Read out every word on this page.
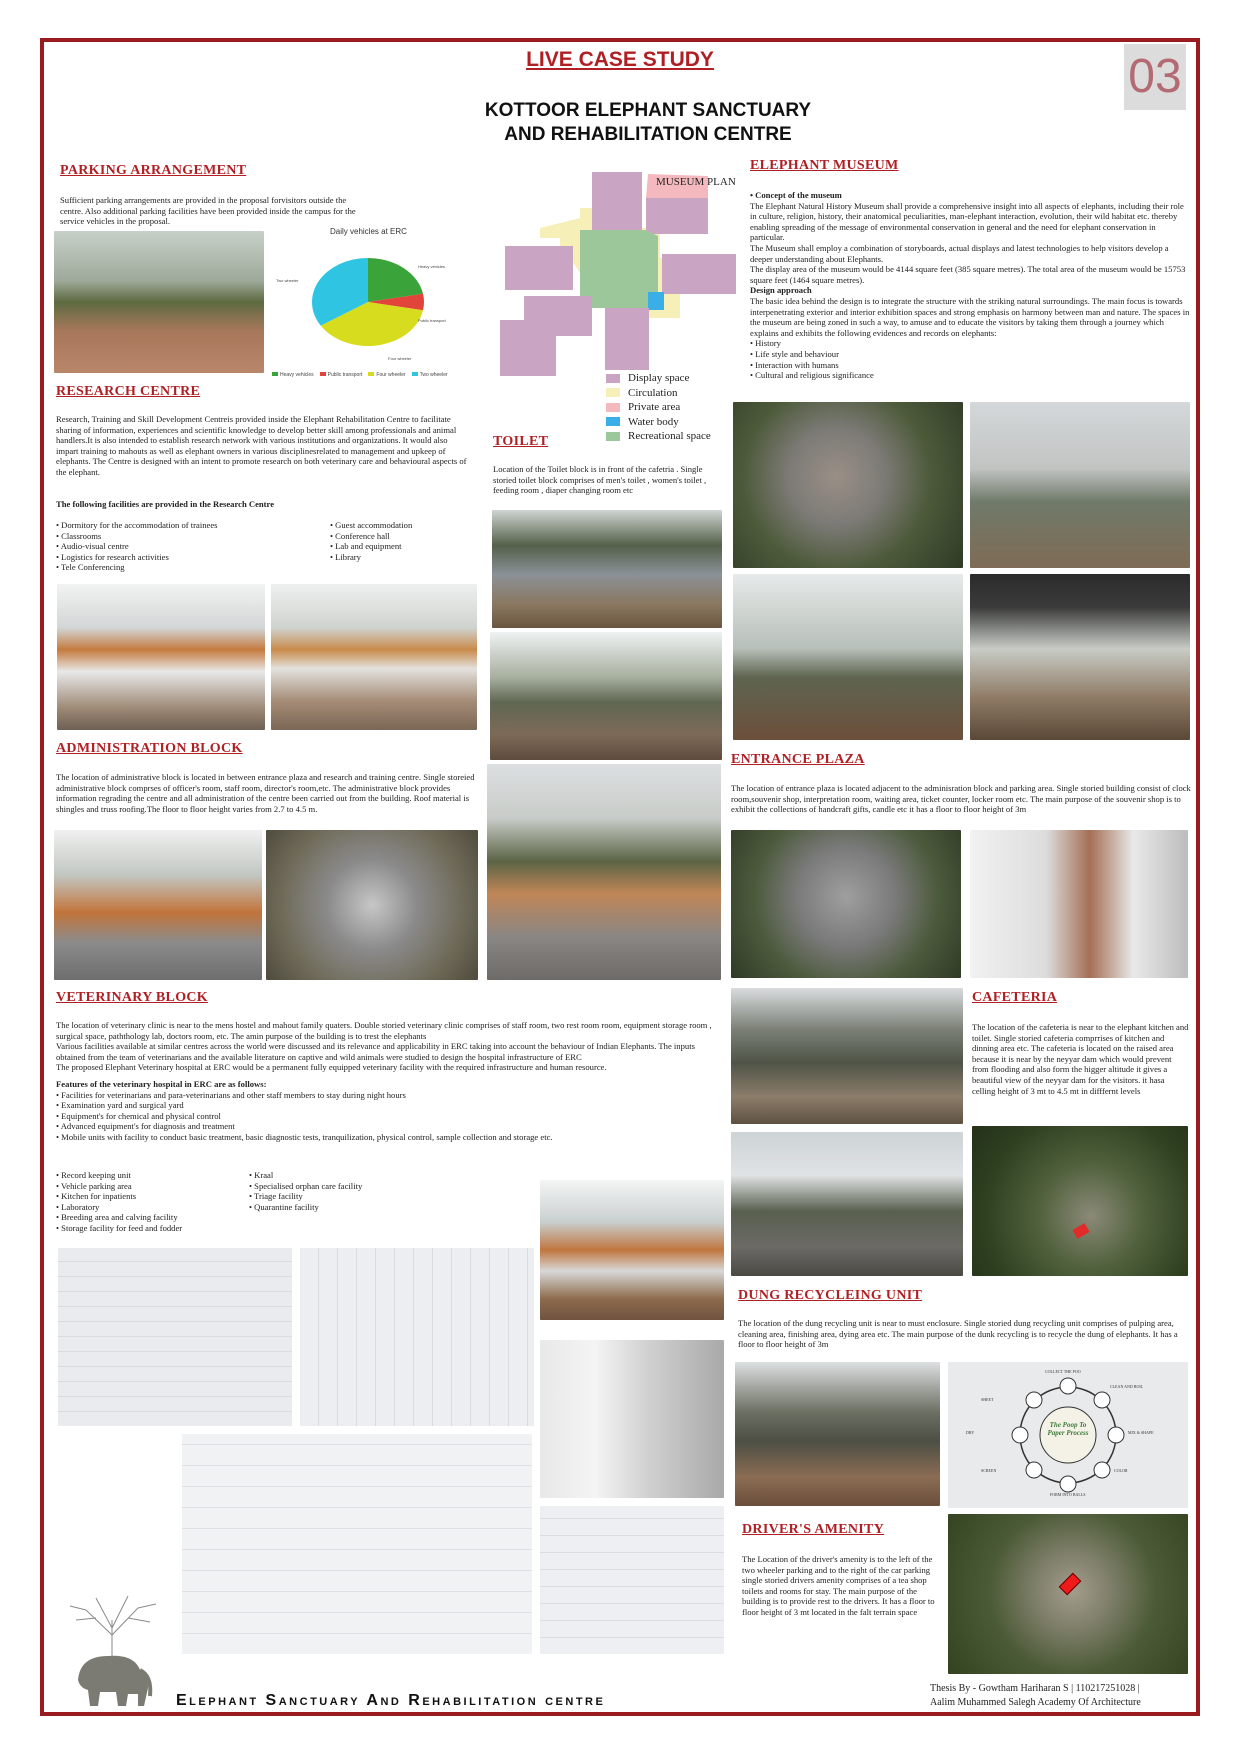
LIVE CASE STUDY	03
KOTTOOR ELEPHANT SANCTUARY
AND REHABILITATION CENTRE
PARKING ARRANGEMENT
Sufficient parking arrangements are provided in the proposal forvisitors outside the centre. Also additional parking facilities have been provided inside the campus for the service vehicles in the proposal.
Daily vehicles at ERC
Heavy vehicles
Public transport
Four wheeler
Two wheeler
Heavy vehicles	Public transport	Four wheeler	Two wheeler
MUSEUM PLAN
ELEPHANT MUSEUM
• Concept of the museum
The Elephant Natural History Museum shall provide a comprehensive insight into all aspects of elephants, including their role in culture, religion, history, their anatomical peculiarities, man-elephant interaction, evolution, their wild habitat etc. thereby enabling spreading of the message of environmental conservation in general and the need for elephant conservation in particular.
The Museum shall employ a combination of storyboards, actual displays and latest technologies to help visitors develop a deeper understanding about Elephants.
The display area of the museum would be 4144 square feet (385 square metres). The total area of the museum would be 15753 square feet (1464 square metres).
Design approach
The basic idea behind the design is to integrate the structure with the striking natural surroundings. The main focus is towards interpenetrating exterior and interior exhibition spaces and strong emphasis on harmony between man and nature. The spaces in the museum are being zoned in such a way, to amuse and to educate the visitors by taking them through a journey which explains and exhibits the following evidences and records on elephants:
• History
• Life style and behaviour
• Interaction with humans
• Cultural and religious significance
RESEARCH CENTRE
Research, Training and Skill Development Centreis provided inside the Elephant Rehabilitation Centre to facilitate sharing of information, experiences and scientific knowledge to develop better skill among professionals and animal handlers.It is also intended to establish research network with various institutions and organizations. It would also impart training to mahouts as well as elephant owners in various disciplinesrelated to management and upkeep of elephants. The Centre is designed with an intent to promote research on both veterinary care and behavioural aspects of the elephant.
The following facilities are provided in the Research Centre
• Dormitory for the accommodation of trainees
• Classrooms
• Audio-visual centre
• Logistics for research activities
• Tele Conferencing
• Guest accommodation
• Conference hall
• Lab and equipment
• Library
TOILET
Location of the Toilet block is in front of the cafetria . Single storied toilet block comprises of men's toilet , women's toilet , feeding room , diaper changing room etc
ADMINISTRATION BLOCK
The location of administrative block is located in between entrance plaza and research and training centre. Single storeied administrative block comprses of officer's room, staff room, director's room,etc. The administrative block provides information regrading the centre and all administration of the centre been carried out from the building. Roof material is shingles and truss roofing.The floor to floor height varies from 2.7 to 4.5 m.
ENTRANCE PLAZA
The location of entrance plaza is located adjacent to the adminisration block and parking area. Single storied building consist of clock room,souvenir shop, interpretation room, waiting area, ticket counter, locker room etc. The main purpose of the souvenir shop is to exhibit the collections of handcraft gifts, candle etc it has a floor to floor height of 3m
VETERINARY BLOCK
The location of veterinary clinic is near to the mens hostel and mahout family quaters. Double storied veterinary clinic comprises of staff room, two rest room room, equipment storage room , surgical space, paththology lab, doctors room, etc. The amin purpose of the building is to trest the elephants
Various facilities available at similar centres across the world were discussed and its relevance and applicability in ERC taking into account the behaviour of Indian Elephants. The inputs obtained from the team of veterinarians and the available literature on captive and wild animals were studied to design the hospital infrastructure of ERC
The proposed Elephant Veterinary hospital at ERC would be a permanent fully equipped veterinary facility with the required infrastructure and human resource.
Features of the veterinary hospital in ERC are as follows:
• Facilities for veterinarians and para-veterinarians and other staff members to stay during night hours
• Examination yard and surgical yard
• Equipment's for chemical and physical control
• Advanced equipment's for diagnosis and treatment
• Mobile units with facility to conduct basic treatment, basic diagnostic tests, tranquilization, physical control, sample collection and storage etc.
• Record keeping unit
• Vehicle parking area
• Kitchen for inpatients
• Laboratory
• Breeding area and calving facility
• Storage facility for feed and fodder
• Kraal
• Specialised orphan care facility
• Triage facility
• Quarantine facility
CAFETERIA
The location of the cafeteria is near to the elephant kitchen and toilet. Single storied cafeteria comprrises of kitchen and dinning area etc. The cafeteria is located on the raised area because it is near by the neyyar dam which would prevent from flooding and also form the higger altitude it gives a beautiful view of the neyyar dam for the visitors. it hasa celling height of 3 mt to 4.5 mt in difffernt levels
DUNG RECYCLEING UNIT
The location of the dung recycling unit is near to must enclosure. Single storied dung recycling unit comprises of pulping area, cleaning area, finishing area, dying area etc. The main purpose of the dunk recycling is to recycle the dung of elephants. It has a floor to floor height of 3m
The Poop To Paper Process
COLLECT THE POO
CLEAN AND BOIL
MIX & SHAPE
COLOR
FORM INTO BALLS
SCREEN
DRY
SHEET
DRIVER'S AMENITY
The Location of the driver's amenity is to the left of the two wheeler parking and to the right of the car parking single storied drivers amenity comprises of a tea shop toilets and rooms for stay. The main purpose of the building is to provide rest to the drivers. It has a floor to floor height of 3 mt located in the falt terrain space
Elephant Sanctuary And Rehabilitation centre
Thesis By - Gowtham Hariharan S | 110217251028 |
Aalim Muhammed Salegh Academy Of Architecture
Display space
Circulation
Private area
Water body
Recreational space
